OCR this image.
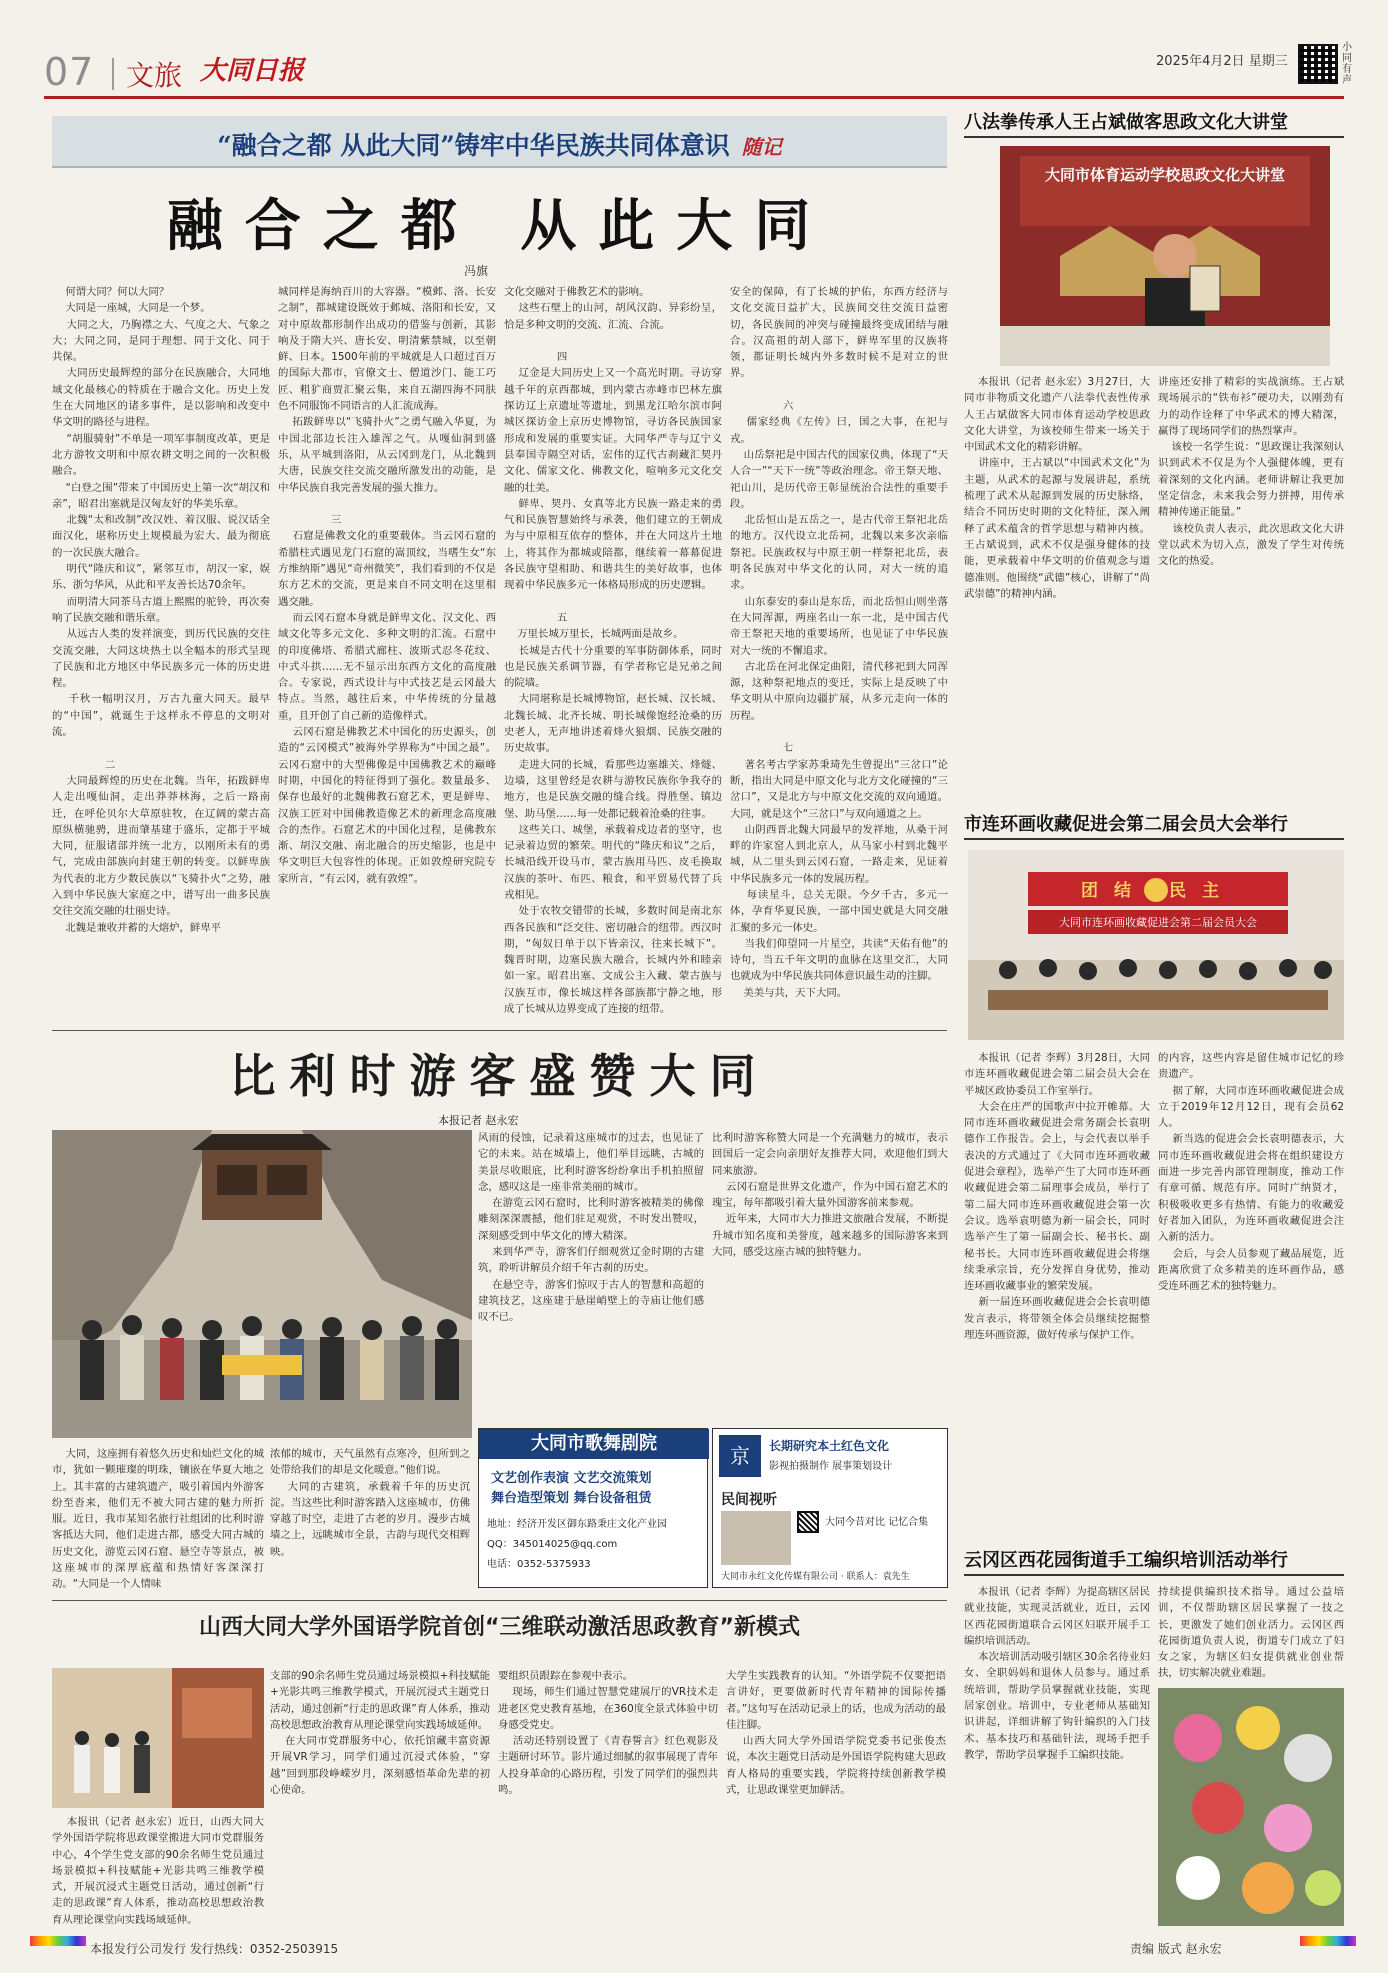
07 文旅 大同日报	2025年4月2日 星期三
小同有声
“融合之都 从此大同”铸牢中华民族共同体意识 随记
融合之都 从此大同
冯旗
何谓大同？何以大同？
大同是一座城，大同是一个梦。
大同之大，乃胸襟之大、气度之大、气象之大；大同之同，是同于理想、同于文化、同于共保。
大同历史最辉煌的部分在民族融合，大同地域文化最核心的特质在于融合文化。历史上发生在大同地区的诸多事件，是以影响和改变中华文明的路径与进程。
“胡服骑射”不单是一项军事制度改革，更是北方游牧文明和中原农耕文明之间的一次积极融合。
“白登之围”带来了中国历史上第一次“胡汉和亲”，昭君出塞就是汉匈友好的华美乐章。
北魏“太和改制”改汉姓、着汉服、说汉话全面汉化，堪称历史上规模最为宏大、最为彻底的一次民族大融合。
明代“隆庆和议”，紧邻互市，胡汉一家，娱乐、浙匀华风，从此和平友善长达70余年。
而明清大同茶马古道上熙熙的驼铃，再次奏响了民族交融和谐乐章。
从远古人类的发祥演变，到历代民族的交往交流交融，大同这块热土以全幅本的形式呈现了民族和北方地区中华民族多元一体的历史进程。
千秋一幅明汉月，万古九童大同天。最早的“中国”，就诞生于这样永不停息的文明对流。

二
大同最辉煌的历史在北魏。当年，拓跋鲜卑人走出嘎仙洞，走出莽莽林海，之后一路南迁，在呼伦贝尔大草原驻牧，在辽阔的蒙古高原纵横驰骋，进而肇基建于盛乐，定都于平城大同，征服诸部并统一北方，以刚所未有的勇气，完成由部族向封建王朝的转变。以鲜卑族为代表的北方少数民族以“飞骑扑火”之势，融入到中华民族大家庭之中，谱写出一曲多民族交往交流交融的壮丽史诗。
北魏是兼收并蓄的大熔炉，鲜卑平
城同样是海纳百川的大容器。“模邺、洛、长安之制”，都城建设既效于邺城、洛阳和长安，又对中原故都形制作出成功的借鉴与创新，其影响及于隋大兴、唐长安、明清紫禁城，以至朝鲜、日本。1500年前的平城就是人口超过百万的国际大都市，官僚文士、僧道沙门、能工巧匠、粗犷商贾汇聚云集，来自五湖四海不同肤色不同服饰不同语言的人汇流成海。
拓跋鲜卑以“飞骑扑火”之勇气融入华夏，为中国北部边长注入雄浑之气。从嘎仙洞到盛乐，从平城到洛阳，从云冈到龙门，从北魏到大唐，民族交往交流交融所激发出的动能，是中华民族自我完善发展的强大推力。

三
石窟是佛教文化的重要载体。当云冈石窟的希腊柱式遇见龙门石窟的嵩顶纹，当嗜生女“东方维纳斯”遇见“奇州微笑”，我们看到的不仅是东方艺术的交流，更是来自不同文明在这里相遇交融。
而云冈石窟本身就是鲜卑文化、汉文化、西域文化等多元文化、多种文明的汇流。石窟中的印度佛塔、希腊式廊柱、波斯式忍冬花纹、中式斗拱……无不显示出东西方文化的高度融合。专家说，西式设计与中式技艺是云冈最大特点。当然，越往后来，中华传统的分量越重，且开创了自己新的造像样式。
云冈石窟是佛教艺术中国化的历史源头，创造的“云冈模式”被海外学界称为“中国之最”。云冈石窟中的大型佛像是中国佛教艺术的巅峰时期，中国化的特征得到了强化。数量最多、保存也最好的北魏佛教石窟艺术，更是鲜卑、汉族工匠对中国佛教造像艺术的新理念高度融合的杰作。石窟艺术的中国化过程，是佛教东渐、胡汉交融、南北融合的历史缩影，也是中华文明巨大包容性的体现。正如敦煌研究院专家所言，“有云冈，就有敦煌”。
文化交融对于佛教艺术的影响。
这些石壁上的山河，胡风汉韵、异彩纷呈，恰是多种文明的交流、汇流、合流。

四
辽金是大同历史上又一个高光时期。寻访穿越千年的京西都城，到内蒙古赤峰市巴林左旗探访辽上京遗址等遗址，到黑龙江哈尔滨市阿城区探访金上京历史博物馆，寻访各民族国家形成和发展的重要实证。大同华严寺与辽宁义县奉国寺隔空对话，宏伟的辽代古刹藏汇契丹文化、儒家文化、佛教文化，喧响多元文化交融的壮美。
鲜卑、契丹、女真等北方民族一路走来的勇气和民族智慧始终与承袭，他们建立的王朝成为与中原相互依存的整体，并在大同这片土地上，将其作为都城或陪都，继续着一幕幕促进各民族守望相助、和谐共生的美好故事，也体现着中华民族多元一体格局形成的历史逻辑。

五
万里长城万里长，长城两面是故乡。
长城是古代十分重要的军事防御体系，同时也是民族关系调节器，有学者称它是兄弟之间的院墙。
大同堪称是长城博物馆，赵长城、汉长城、北魏长城、北齐长城、明长城像饱经沧桑的历史老人，无声地讲述着烽火狼烟、民族交融的历史故事。
走进大同的长城，看那些边塞雄关、烽燧、边墙，这里曾经是农耕与游牧民族你争我夺的地方，也是民族交融的缝合线。得胜堡、镇边堡、助马堡……每一处都记载着沧桑的往事。
这些关口、城堡，承载着戍边者的坚守，也记录着边贸的繁荣。明代的“隆庆和议”之后，长城沿线开设马市，蒙古族用马匹、皮毛换取汉族的茶叶、布匹、粮食，和平贸易代替了兵戎相见。
处于农牧交错带的长城，多数时间是南北东西各民族和“泛交往、密切融合的纽带。西汉时期，“匈奴日单于以下皆亲汉，往来长城下”。魏晋时期，边塞民族大融合，长城内外和睦亲如一家。昭君出塞、文成公主入藏、蒙古族与汉族互市，像长城这样各部族都宁静之地，形成了长城从边界变成了连接的纽带。
安全的保障，有了长城的护佑，东西方经济与文化交流日益扩大，民族间交往交流日益密切，各民族间的冲突与碰撞最终变成团结与融合。汉高祖的胡人部下，鲜卑军里的汉族将领，都证明长城内外多数时候不是对立的世界。

六
儒家经典《左传》曰，国之大事，在祀与戎。
山岳祭祀是中国古代的国家仪典，体现了“天人合一”“天下一统”等政治理念。帝王祭天地、祀山川，是历代帝王彰显统治合法性的重要手段。
北岳恒山是五岳之一，是古代帝王祭祀北岳的地方。汉代设立北岳祠，北魏以来多次亲临祭祀。民族政权与中原王朝一样祭祀北岳，表明各民族对中华文化的认同，对大一统的追求。
山东泰安的泰山是东岳，而北岳恒山则坐落在大同浑源，两座名山一东一北，是中国古代帝王祭祀天地的重要场所，也见证了中华民族对大一统的不懈追求。
古北岳在河北保定曲阳，清代移祀到大同浑源，这种祭祀地点的变迁，实际上是反映了中华文明从中原向边疆扩展，从多元走向一体的历程。

七
著名考古学家苏秉琦先生曾提出“三岔口”论断，指出大同是中原文化与北方文化碰撞的“三岔口”，又是北方与中原文化交流的双向通道。大同，就是这个“三岔口”与双向通道之上。
山阴西晋北魏大同最早的发祥地，从桑干河畔的许家窑人到北京人，从马家小村到北魏平城，从二里头到云冈石窟，一路走来，见证着中华民族多元一体的发展历程。
每读星斗，总关无限。今夕千古，多元一体，孕育华夏民族，一部中国史就是大同交融汇聚的多元一体史。
当我们仰望同一片星空，共读“天佑有他”的诗句，当五千年文明的血脉在这里交汇，大同也就成为中华民族共同体意识最生动的注脚。
美美与共，天下大同。
比利时游客盛赞大同
本报记者 赵永宏
大同，这座拥有着悠久历史和灿烂文化的城市，犹如一颗璀璨的明珠，镶嵌在华夏大地之上。其丰富的古建筑遗产，吸引着国内外游客纷至沓来，他们无不被大同古建的魅力所折服。近日，我市某知名旅行社组团的比利时游客抵达大同，他们走进古都，感受大同古城的历史文化，游览云冈石窟、悬空寺等景点，被这座城市的深厚底蕴和热情好客深深打动。“大同是一个人情味
浓郁的城市，天气虽然有点寒冷，但所到之处带给我们的却是文化暖意。”他们说。
大同的古建筑，承载着千年的历史沉淀。当这些比利时游客踏入这座城市，仿佛穿越了时空，走进了古老的岁月。漫步古城墙之上，远眺城市全景，古韵与现代交相辉映。
风雨的侵蚀，记录着这座城市的过去，也见证了它的未来。站在城墙上，他们举目远眺，古城的美景尽收眼底，比利时游客纷纷拿出手机拍照留念，感叹这是一座非常美丽的城市。
在游览云冈石窟时，比利时游客被精美的佛像雕刻深深震撼，他们驻足观赏，不时发出赞叹，深刻感受到中华文化的博大精深。
来到华严寺，游客们仔细观赏辽金时期的古建筑，聆听讲解员介绍千年古刹的历史。
在悬空寺，游客们惊叹于古人的智慧和高超的建筑技艺，这座建于悬崖峭壁上的寺庙让他们感叹不已。
比利时游客称赞大同是一个充满魅力的城市，表示回国后一定会向亲朋好友推荐大同，欢迎他们到大同来旅游。
云冈石窟是世界文化遗产，作为中国石窟艺术的瑰宝，每年都吸引着大量外国游客前来参观。
近年来，大同市大力推进文旅融合发展，不断提升城市知名度和美誉度，越来越多的国际游客来到大同，感受这座古城的独特魅力。
大同市歌舞剧院
文艺创作表演 文艺交流策划
舞台造型策划 舞台设备租赁
地址：经济开发区御东路秉庄文化产业园
QQ：345014025@qq.com
电话：0352-5375933
京	长期研究本土红色文化
影视拍摄制作 展事策划设计
民间视听
大同今昔对比 记忆合集
大同市永红文化传媒有限公司 · 联系人：袁先生
山西大同大学外国语学院首创“三维联动激活思政教育”新模式
本报讯（记者 赵永宏）近日，山西大同大学外国语学院将思政课堂搬进大同市党群服务中心，4个学生党支部的90余名师生党员通过场景模拟+科技赋能+光影共鸣三维教学模式，开展沉浸式主题党日活动，通过创新“行走的思政课”育人体系，推动高校思想政治教育从理论课堂向实践场域延伸。
支部的90余名师生党员通过场景模拟+科技赋能+光影共鸣三维教学模式，开展沉浸式主题党日活动，通过创新“行走的思政课”育人体系，推动高校思想政治教育从理论课堂向实践场域延伸。
在大同市党群服务中心，依托馆藏丰富资源开展VR学习，同学们通过沉浸式体验，“穿越”回到那段峥嵘岁月，深刻感悟革命先辈的初心使命。
要组织员跟踪在参观中表示。
现场，师生们通过智慧党建展厅的VR技术走进老区党史教育基地，在360度全景式体验中切身感受党史。
活动还特别设置了《青春誓言》红色观影及主题研讨环节。影片通过细腻的叙事展现了青年人投身革命的心路历程，引发了同学们的强烈共鸣。
大学生实践教育的认知。“外语学院不仅要把语言讲好，更要做新时代青年精神的国际传播者。”这句写在活动记录上的话，也成为活动的最佳注脚。
山西大同大学外国语学院党委书记张俊杰说，本次主题党日活动是外国语学院构建大思政育人格局的重要实践，学院将持续创新教学模式，让思政课堂更加鲜活。
八法拳传承人王占斌做客思政文化大讲堂
大同市体育运动学校思政文化大讲堂
本报讯（记者 赵永宏）3月27日，大同市非物质文化遗产八法拳代表性传承人王占斌做客大同市体育运动学校思政文化大讲堂，为该校师生带来一场关于中国武术文化的精彩讲解。
讲座中，王占斌以“中国武术文化”为主题，从武术的起源与发展讲起，系统梳理了武术从起源到发展的历史脉络，结合不同历史时期的文化特征，深入阐释了武术蕴含的哲学思想与精神内核。王占斌说到，武术不仅是强身健体的技能，更承载着中华文明的价值观念与道德准则。他围绕“武德”核心，讲解了“尚武崇德”的精神内涵。
讲座还安排了精彩的实战演练。王占斌现场展示的“铁布衫”硬功夫，以刚劲有力的动作诠释了中华武术的博大精深，赢得了现场同学们的热烈掌声。
该校一名学生说：“思政课让我深刻认识到武术不仅是为个人强健体魄，更有着深刻的文化内涵。老师讲解让我更加坚定信念，未来我会努力拼搏，用传承精神传递正能量。”
该校负责人表示，此次思政文化大讲堂以武术为切入点，激发了学生对传统文化的热爱。
市连环画收藏促进会第二届会员大会举行
团结 民主
大同市连环画收藏促进会第二届会员大会
本报讯（记者 李辉）3月28日，大同市连环画收藏促进会第二届会员大会在平城区政协委员工作室举行。
大会在庄严的国歌声中拉开帷幕。大同市连环画收藏促进会常务副会长袁明德作工作报告。会上，与会代表以举手表决的方式通过了《大同市连环画收藏促进会章程》，选举产生了大同市连环画收藏促进会第二届理事会成员，举行了第二届大同市连环画收藏促进会第一次会议。选举袁明德为新一届会长，同时选举产生了第一届副会长、秘书长、副秘书长。大同市连环画收藏促进会将继续秉承宗旨，充分发挥自身优势，推动连环画收藏事业的繁荣发展。
新一届连环画收藏促进会会长袁明德发言表示，将带领全体会员继续挖掘整理连环画资源，做好传承与保护工作。
的内容，这些内容是留住城市记忆的珍贵遗产。
据了解，大同市连环画收藏促进会成立于2019年12月12日，现有会员62人。
新当选的促进会会长袁明德表示，大同市连环画收藏促进会将在组织建设方面进一步完善内部管理制度，推动工作有章可循、规范有序。同时广纳贤才，积极吸收更多有热情、有能力的收藏爱好者加入团队，为连环画收藏促进会注入新的活力。
会后，与会人员参观了藏品展览，近距离欣赏了众多精美的连环画作品，感受连环画艺术的独特魅力。
云冈区西花园街道手工编织培训活动举行
本报讯（记者 李辉）为提高辖区居民就业技能，实现灵活就业，近日，云冈区西花园街道联合云冈区妇联开展手工编织培训活动。
本次培训活动吸引辖区30余名待业妇女、全职妈妈和退休人员参与。通过系统培训，帮助学员掌握就业技能，实现居家创业。培训中，专业老师从基础知识讲起，详细讲解了钩针编织的入门技术、基本技巧和基础针法，现场手把手教学，帮助学员掌握手工编织技能。
持续提供编织技术指导。通过公益培训，不仅帮助辖区居民掌握了一技之长，更激发了她们创业活力。云冈区西花园街道负责人说，街道专门成立了妇女之家，为辖区妇女提供就业创业帮扶，切实解决就业难题。
本报发行公司发行 发行热线：0352-2503915	责编 版式 赵永宏
